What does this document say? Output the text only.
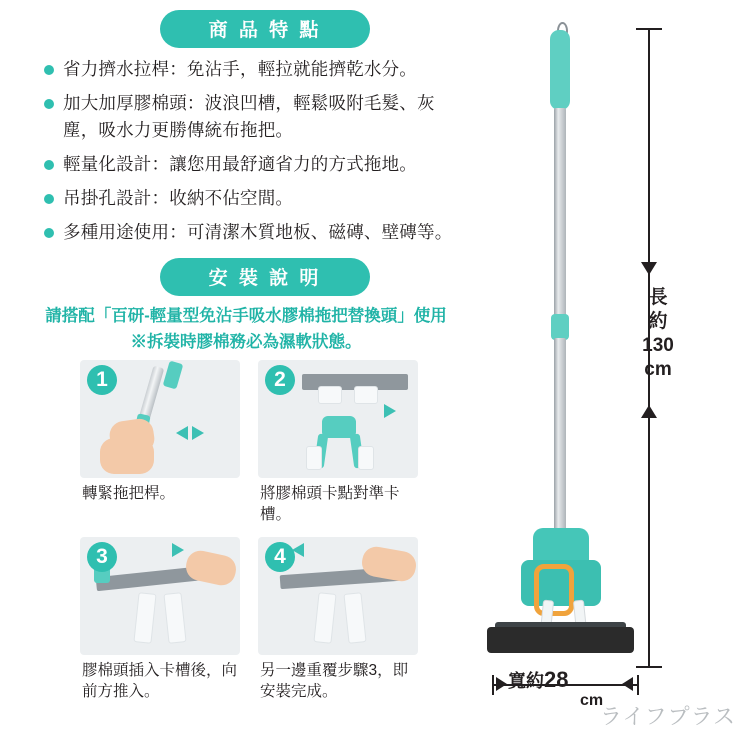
商 品 特 點
省力擠水拉桿：免沾手，輕拉就能擠乾水分。
加大加厚膠棉頭：波浪凹槽，輕鬆吸附毛髮、灰塵，吸水力更勝傳統布拖把。
輕量化設計：讓您用最舒適省力的方式拖地。
吊掛孔設計：收納不佔空間。
多種用途使用：可清潔木質地板、磁磚、壁磚等。
安 裝 說 明
請搭配「百研-輕量型免沾手吸水膠棉拖把替換頭」使用
※拆裝時膠棉務必為濕軟狀態。
1
轉緊拖把桿。
2
將膠棉頭卡點對準卡槽。
3
膠棉頭插入卡槽後，向前方推入。
4
另一邊重覆步驟3，即安裝完成。
長
約
130
cm
寬約28
cm
ライフプラス
